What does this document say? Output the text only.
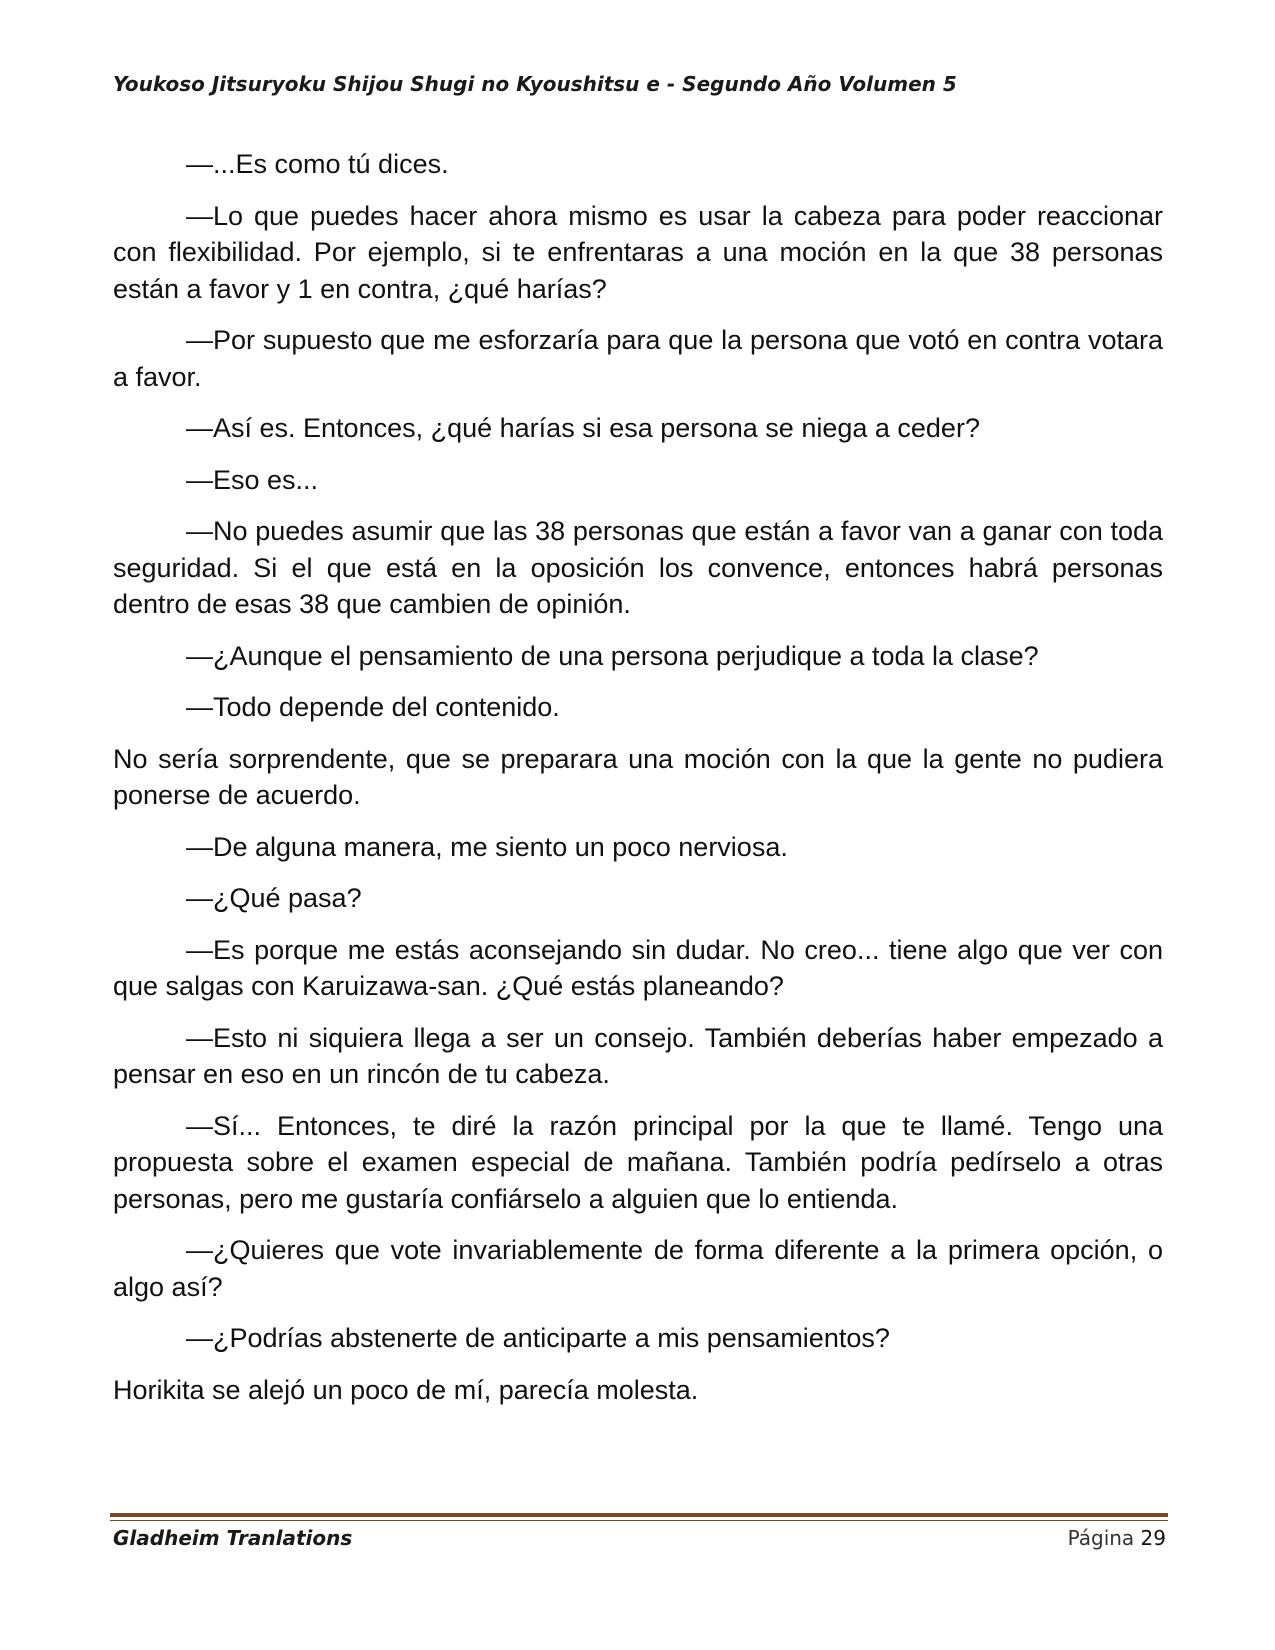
Youkoso Jitsuryoku Shijou Shugi no Kyoushitsu e - Segundo Año Volumen 5

—...Es como tú dices.

—Lo que puedes hacer ahora mismo es usar la cabeza para poder reaccionar con flexibilidad. Por ejemplo, si te enfrentaras a una moción en la que 38 personas están a favor y 1 en contra, ¿qué harías?

—Por supuesto que me esforzaría para que la persona que votó en contra votara a favor.

—Así es. Entonces, ¿qué harías si esa persona se niega a ceder?

—Eso es...

—No puedes asumir que las 38 personas que están a favor van a ganar con toda seguridad. Si el que está en la oposición los convence, entonces habrá personas dentro de esas 38 que cambien de opinión.

—¿Aunque el pensamiento de una persona perjudique a toda la clase?

—Todo depende del contenido.

No sería sorprendente, que se preparara una moción con la que la gente no pudiera ponerse de acuerdo.

—De alguna manera, me siento un poco nerviosa.

—¿Qué pasa?

—Es porque me estás aconsejando sin dudar. No creo... tiene algo que ver con que salgas con Karuizawa-san. ¿Qué estás planeando?

—Esto ni siquiera llega a ser un consejo. También deberías haber empezado a pensar en eso en un rincón de tu cabeza.

—Sí... Entonces, te diré la razón principal por la que te llamé. Tengo una propuesta sobre el examen especial de mañana. También podría pedírselo a otras personas, pero me gustaría confiárselo a alguien que lo entienda.

—¿Quieres que vote invariablemente de forma diferente a la primera opción, o algo así?

—¿Podrías abstenerte de anticiparte a mis pensamientos?

Horikita se alejó un poco de mí, parecía molesta.

Gladheim Tranlations	Página 29
